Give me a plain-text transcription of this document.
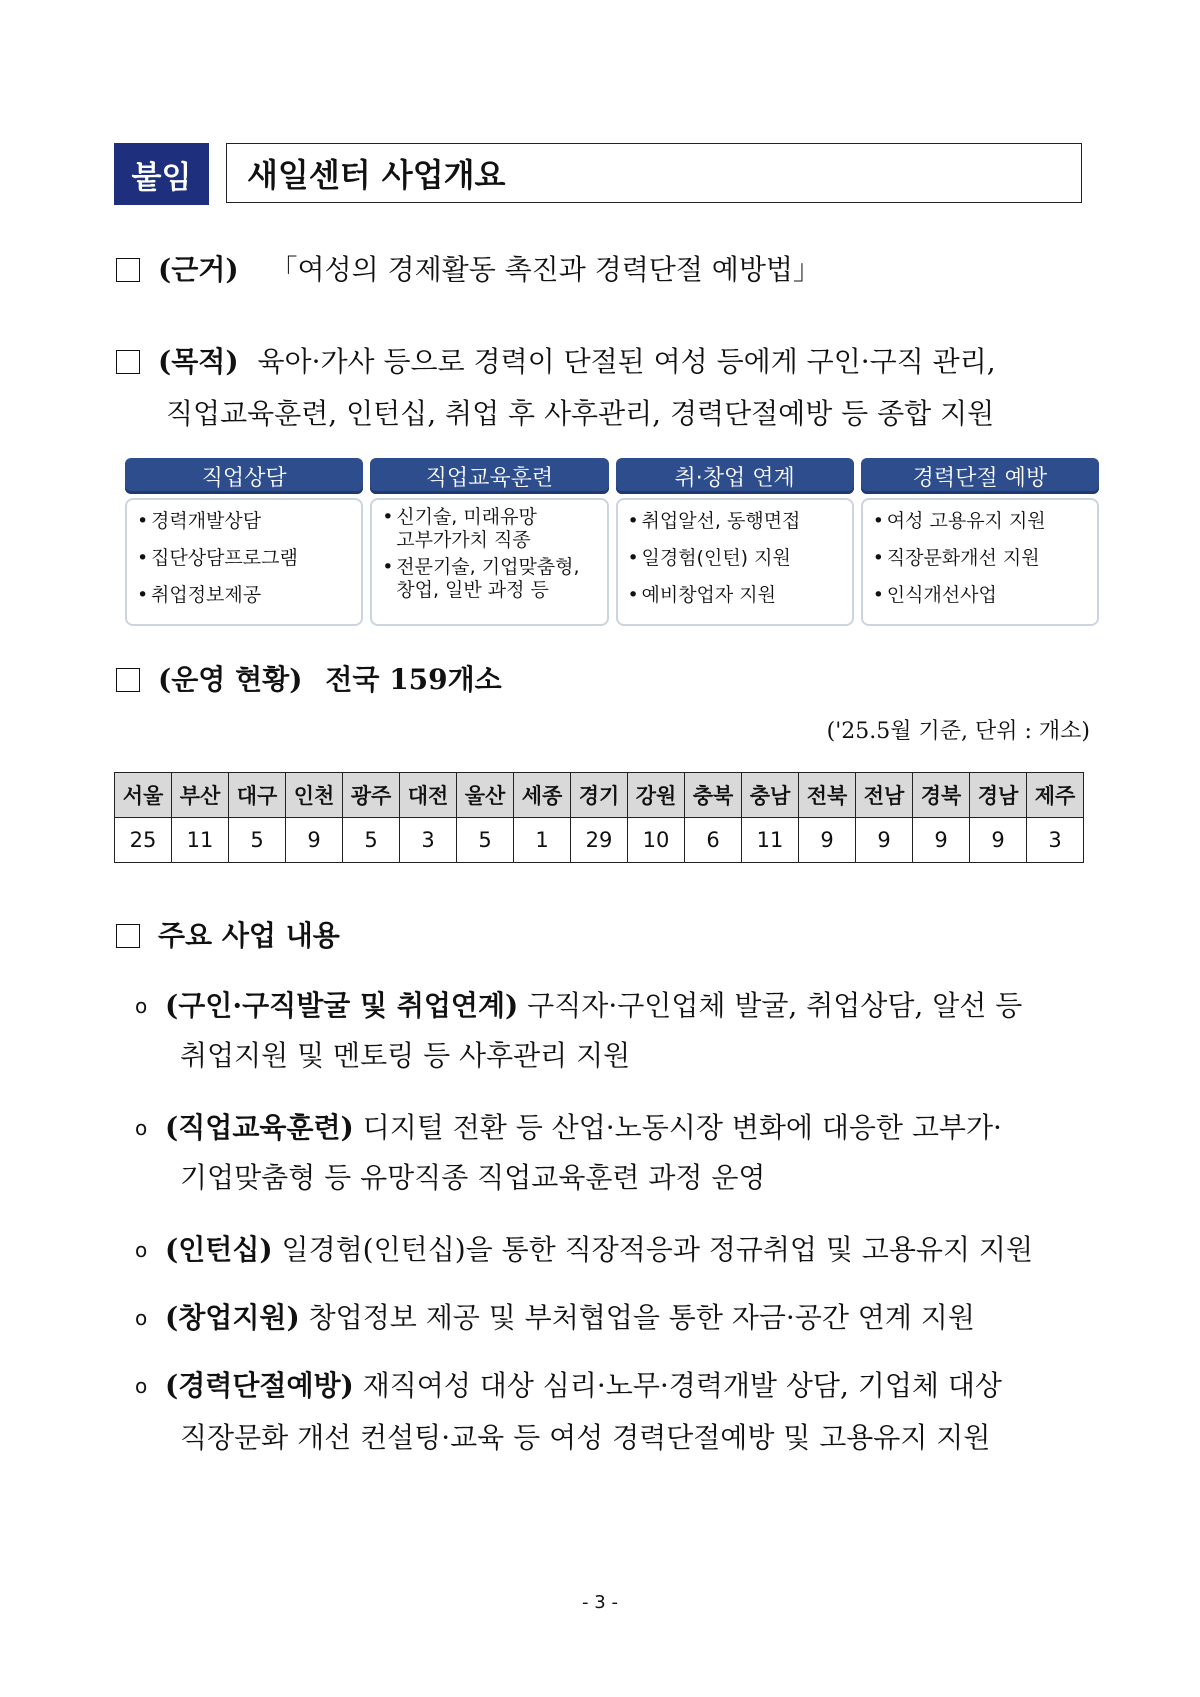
붙임	새일센터 사업개요
(근거) 「여성의 경제활동 촉진과 경력단절 예방법」
(목적) 육아·가사 등으로 경력이 단절된 여성 등에게 구인·구직 관리,
직업교육훈련, 인턴십, 취업 후 사후관리, 경력단절예방 등 종합 지원
직업상담
• 경력개발상담
• 집단상담프로그램
• 취업정보제공
직업교육훈련
• 신기술, 미래유망
고부가가치 직종
• 전문기술, 기업맞춤형,
창업, 일반 과정 등
취·창업 연계
• 취업알선, 동행면접
• 일경험(인턴) 지원
• 예비창업자 지원
경력단절 예방
• 여성 고용유지 지원
• 직장문화개선 지원
• 인식개선사업
(운영 현황) 전국 159개소
('25.5월 기준, 단위 : 개소)
서울	부산	대구	인천	광주	대전	울산	세종	경기	강원	충북	충남	전북	전남	경북	경남	제주
25	11	5	9	5	3	5	1	29	10	6	11	9	9	9	9	3
주요 사업 내용
o (구인·구직발굴 및 취업연계) 구직자·구인업체 발굴, 취업상담, 알선 등
취업지원 및 멘토링 등 사후관리 지원
o (직업교육훈련) 디지털 전환 등 산업·노동시장 변화에 대응한 고부가·
기업맞춤형 등 유망직종 직업교육훈련 과정 운영
o (인턴십) 일경험(인턴십)을 통한 직장적응과 정규취업 및 고용유지 지원
o (창업지원) 창업정보 제공 및 부처협업을 통한 자금·공간 연계 지원
o (경력단절예방) 재직여성 대상 심리·노무·경력개발 상담, 기업체 대상
직장문화 개선 컨설팅·교육 등 여성 경력단절예방 및 고용유지 지원
- 3 -
